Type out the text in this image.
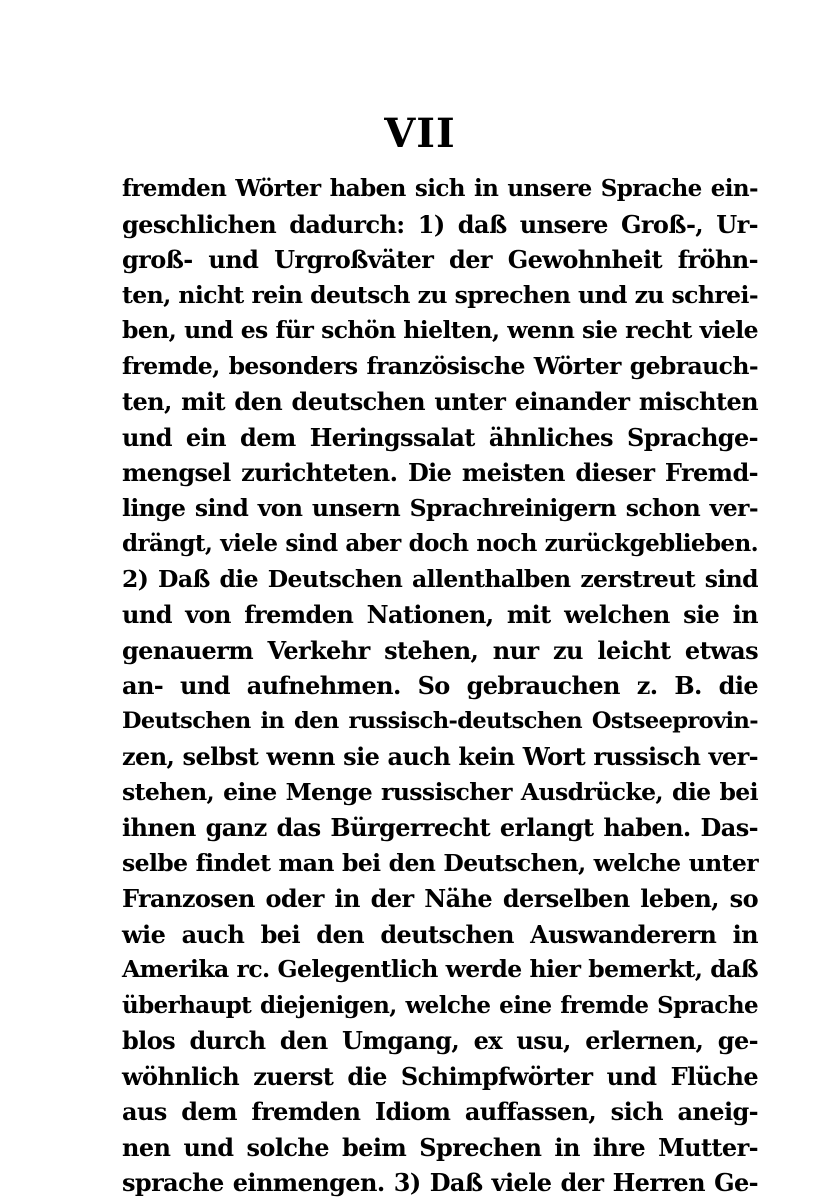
VII
fremden Wörter haben sich in unsere Sprache ein-
geschlichen dadurch: 1) daß unsere Groß-, Ur-
groß- und Urgroßväter der Gewohnheit fröhn-
ten, nicht rein deutsch zu sprechen und zu schrei-
ben, und es für schön hielten, wenn sie recht viele
fremde, besonders französische Wörter gebrauch-
ten, mit den deutschen unter einander mischten
und ein dem Heringssalat ähnliches Sprachge-
mengsel zurichteten. Die meisten dieser Fremd-
linge sind von unsern Sprachreinigern schon ver-
drängt, viele sind aber doch noch zurückgeblieben.
2) Daß die Deutschen allenthalben zerstreut sind
und von fremden Nationen, mit welchen sie in
genauerm Verkehr stehen, nur zu leicht etwas
an- und aufnehmen. So gebrauchen z. B. die
Deutschen in den russisch-deutschen Ostseeprovin-
zen, selbst wenn sie auch kein Wort russisch ver-
stehen, eine Menge russischer Ausdrücke, die bei
ihnen ganz das Bürgerrecht erlangt haben. Das-
selbe findet man bei den Deutschen, welche unter
Franzosen oder in der Nähe derselben leben, so
wie auch bei den deutschen Auswanderern in
Amerika rc. Gelegentlich werde hier bemerkt, daß
überhaupt diejenigen, welche eine fremde Sprache
blos durch den Umgang, ex usu, erlernen, ge-
wöhnlich zuerst die Schimpfwörter und Flüche
aus dem fremden Idiom auffassen, sich aneig-
nen und solche beim Sprechen in ihre Mutter-
sprache einmengen. 3) Daß viele der Herren Ge-
